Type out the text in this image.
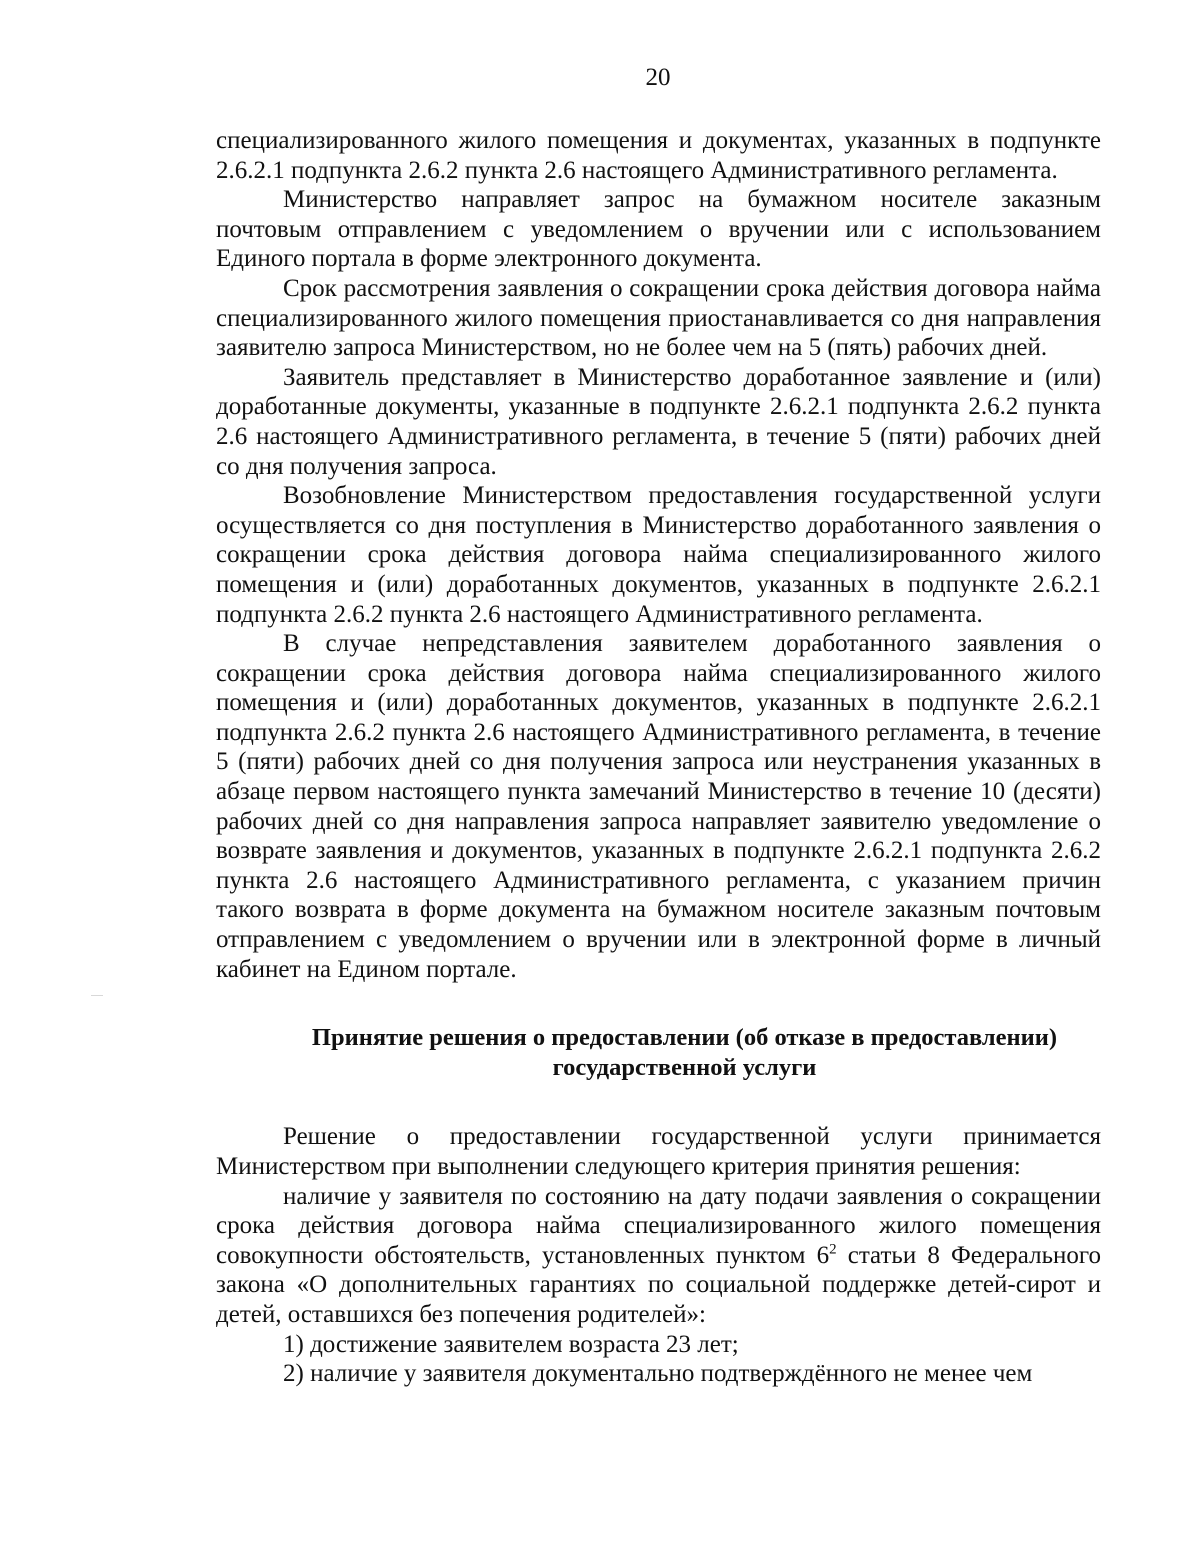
20

специализированного жилого помещения и документах, указанных в подпункте 2.6.2.1 подпункта 2.6.2 пункта 2.6 настоящего Административного регламента.

Министерство направляет запрос на бумажном носителе заказным почтовым отправлением с уведомлением о вручении или с использованием Единого портала в форме электронного документа.

Срок рассмотрения заявления о сокращении срока действия договора найма специализированного жилого помещения приостанавливается со дня направления заявителю запроса Министерством, но не более чем на 5 (пять) рабочих дней.

Заявитель представляет в Министерство доработанное заявление и (или) доработанные документы, указанные в подпункте 2.6.2.1 подпункта 2.6.2 пункта 2.6 настоящего Административного регламента, в течение 5 (пяти) рабочих дней со дня получения запроса.

Возобновление Министерством предоставления государственной услуги осуществляется со дня поступления в Министерство доработанного заявления о сокращении срока действия договора найма специализированного жилого помещения и (или) доработанных документов, указанных в подпункте 2.6.2.1 подпункта 2.6.2 пункта 2.6 настоящего Административного регламента.

В случае непредставления заявителем доработанного заявления о сокращении срока действия договора найма специализированного жилого помещения и (или) доработанных документов, указанных в подпункте 2.6.2.1 подпункта 2.6.2 пункта 2.6 настоящего Административного регламента, в течение 5 (пяти) рабочих дней со дня получения запроса или неустранения указанных в абзаце первом настоящего пункта замечаний Министерство в течение 10 (десяти) рабочих дней со дня направления запроса направляет заявителю уведомление о возврате заявления и документов, указанных в подпункте 2.6.2.1 подпункта 2.6.2 пункта 2.6 настоящего Административного регламента, с указанием причин такого возврата в форме документа на бумажном носителе заказным почтовым отправлением с уведомлением о вручении или в электронной форме в личный кабинет на Едином портале.

Принятие решения о предоставлении (об отказе в предоставлении)
государственной услуги

Решение о предоставлении государственной услуги принимается Министерством при выполнении следующего критерия принятия решения:

наличие у заявителя по состоянию на дату подачи заявления о сокращении срока действия договора найма специализированного жилого помещения совокупности обстоятельств, установленных пунктом $6^2$ статьи 8 Федерального закона «О дополнительных гарантиях по социальной поддержке детей-сирот и детей, оставшихся без попечения родителей»:

1) достижение заявителем возраста 23 лет;

2) наличие у заявителя документально подтверждённого не менее чем
